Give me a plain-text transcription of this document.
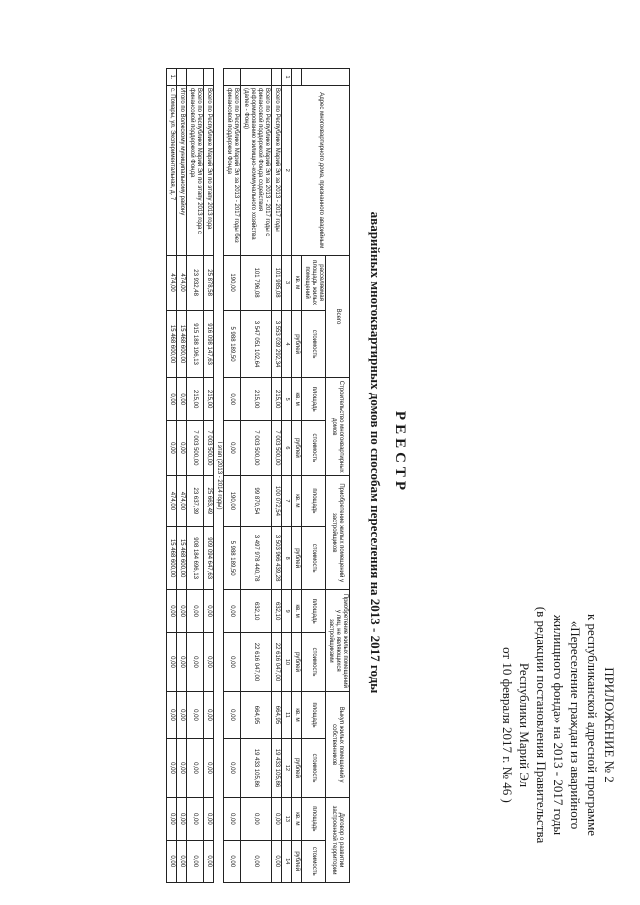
ПРИЛОЖЕНИЕ № 2
к республиканской адресной программе
«Переселение граждан из аварийного
жилищного фонда» на 2013 - 2017 годы
(в редакции постановления Правительства
Республики Марий Эл
от 10 февраля 2017 г. № 46 )
РЕЕСТР
аварийных многоквартирных домов по способам переселения на 2013 - 2017 годы
	Адрес многоквартирного дома, признанного аварийным	Всего		Строительство многоквартирных домов		Приобретение жилых помещений у застройщиков		Приобретение жилых помещений у лиц, не являющихся застройщиками		Выкуп жилых помещений у собственников		Договор о развитии застроенной территории	
		расселяемая площадь жилых помещений	стоимость	площадь	стоимость	площадь	стоимость	площадь	стоимость	площадь	стоимость	площадь	стоимость
		кв. м	рублей	кв. м	рублей	кв. м	рублей	кв. м	рублей	кв. м	рублей	кв. м	рублей
1	2	3	4	5	6	7	8	9	10	11	12	13	14
	Всего по Республике Марий Эл за 2013 - 2017 годы	101 985,08	3 553 039 292,34	215,00	7 003 500,00	100 072,54	3 503 966 439,28	632,10	22 616 047,00	664,95	19 433 105,86	0,00	0,00
	Всего по Республике Марий Эл за 2013 - 2017 годы с финансовой поддержкой Фонда содействия реформированию жилищно-коммунального хозяйства (далее - Фонд)	101 796,08	3 547 051 102,64	215,00	7 003 500,00	99 870,54	3 497 978 440,78	632,10	22 616 047,00	664,95	19 433 105,86	0,00	0,00
	Всего по Республике Марий Эл за 2013 - 2017 годы без финансовой поддержки Фонда	190,00	5 988 189,50	0,00	0,00	190,00	5 988 189,50	0,00	0,00	0,00	0,00	0,00	0,00
I этап (2013 - 2014 годы)													
	Всего по Республике Марий Эл по этапу 2013 года	25 878,58	916 098 147,63	215,00	7 003 500,00	25 663,49	909 094 647,63	0,00	0,00	0,00	0,00	0,00	0,00
	Всего по Республике Марий Эл по этапу 2013 года с финансовой поддержкой Фонда	23 932,48	915 188 196,13	215,00	7 003 500,00	23 637,39	908 184 696,13	0,00	0,00	0,00	0,00	0,00	0,00
	Итого по Волжскому муниципальному району	474,00	15 468 600,00	0,00	0,00	474,00	15 468 600,00	0,00	0,00	0,00	0,00	0,00	0,00
1.	с. Помары, ул. Экспериментальная, д. 7	474,00	15 468 600,00	0,00	0,00	474,00	15 468 600,00	0,00	0,00	0,00	0,00	0,00	0,00
